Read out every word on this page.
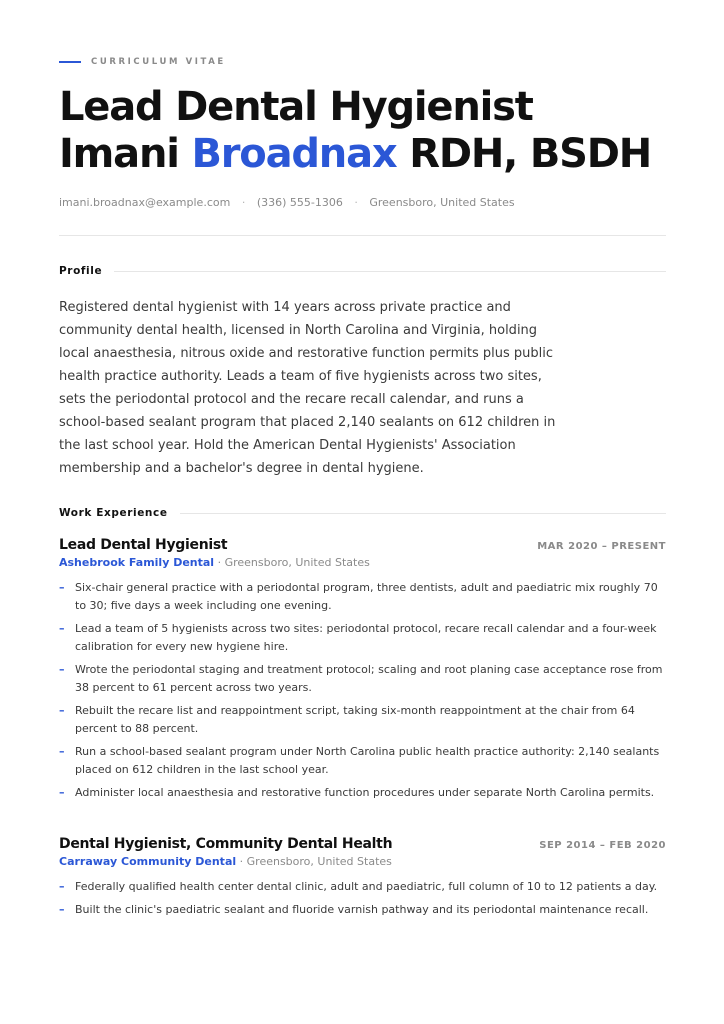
CURRICULUM VITAE
Lead Dental Hygienist
Imani Broadnax RDH, BSDH
imani.broadnax@example.com · (336) 555-1306 · Greensboro, United States
Profile

Registered dental hygienist with 14 years across private practice and community dental health, licensed in North Carolina and Virginia, holding local anaesthesia, nitrous oxide and restorative function permits plus public health practice authority. Leads a team of five hygienists across two sites, sets the periodontal protocol and the recare recall calendar, and runs a school-based sealant program that placed 2,140 sealants on 612 children in the last school year. Hold the American Dental Hygienists' Association membership and a bachelor's degree in dental hygiene.

Work Experience
Lead Dental Hygienist	MAR 2020 – PRESENT
Ashebrook Family Dental · Greensboro, United States
– Six-chair general practice with a periodontal program, three dentists, adult and paediatric mix roughly 70 to 30; five days a week including one evening.
– Lead a team of 5 hygienists across two sites: periodontal protocol, recare recall calendar and a four-week calibration for every new hygiene hire.
– Wrote the periodontal staging and treatment protocol; scaling and root planing case acceptance rose from 38 percent to 61 percent across two years.
– Rebuilt the recare list and reappointment script, taking six-month reappointment at the chair from 64 percent to 88 percent.
– Run a school-based sealant program under North Carolina public health practice authority: 2,140 sealants placed on 612 children in the last school year.
– Administer local anaesthesia and restorative function procedures under separate North Carolina permits.
Dental Hygienist, Community Dental Health	SEP 2014 – FEB 2020
Carraway Community Dental · Greensboro, United States
– Federally qualified health center dental clinic, adult and paediatric, full column of 10 to 12 patients a day.
– Built the clinic's paediatric sealant and fluoride varnish pathway and its periodontal maintenance recall.
